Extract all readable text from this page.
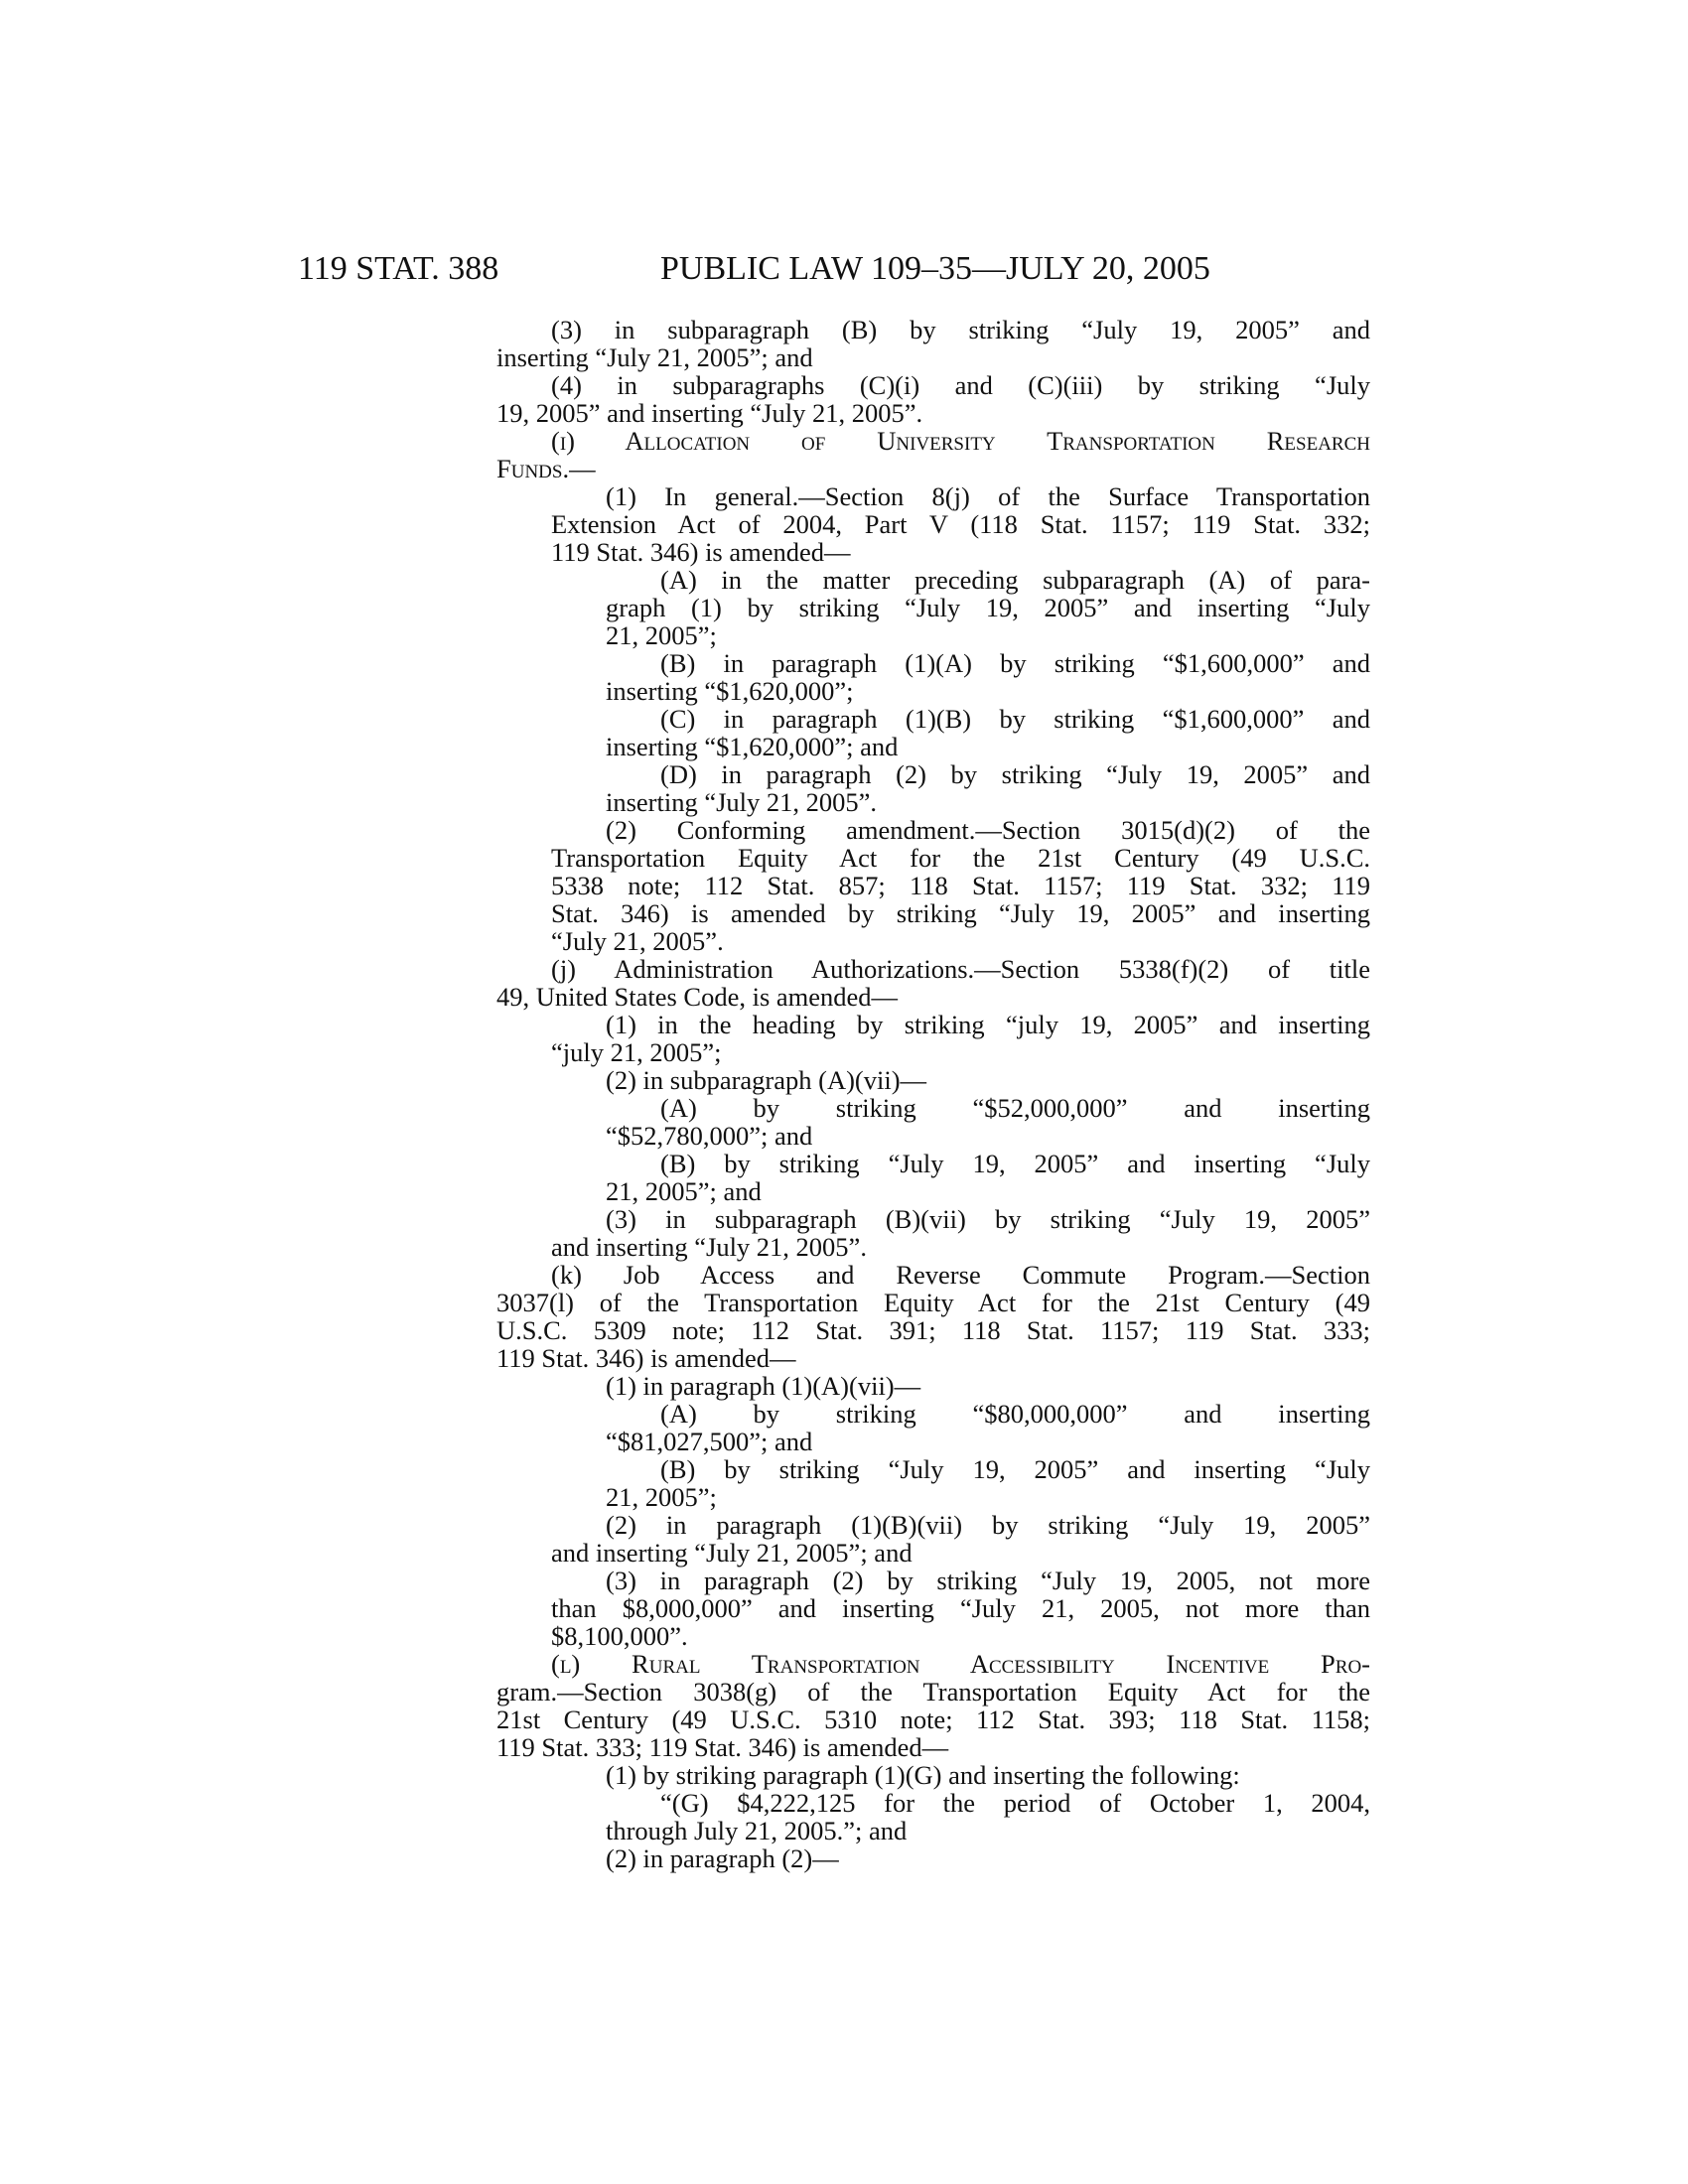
119 STAT. 388	PUBLIC LAW 109–35—JULY 20, 2005
(3) in subparagraph (B) by striking “July 19, 2005” and
inserting “July 21, 2005”; and
(4) in subparagraphs (C)(i) and (C)(iii) by striking “July
19, 2005” and inserting “July 21, 2005”.
(i) Allocation of University Transportation Research
Funds.—
(1) In general.—Section 8(j) of the Surface Transportation
Extension Act of 2004, Part V (118 Stat. 1157; 119 Stat. 332;
119 Stat. 346) is amended—
(A) in the matter preceding subparagraph (A) of para-
graph (1) by striking “July 19, 2005” and inserting “July
21, 2005”;
(B) in paragraph (1)(A) by striking “$1,600,000” and
inserting “$1,620,000”;
(C) in paragraph (1)(B) by striking “$1,600,000” and
inserting “$1,620,000”; and
(D) in paragraph (2) by striking “July 19, 2005” and
inserting “July 21, 2005”.
(2) Conforming amendment.—Section 3015(d)(2) of the
Transportation Equity Act for the 21st Century (49 U.S.C.
5338 note; 112 Stat. 857; 118 Stat. 1157; 119 Stat. 332; 119
Stat. 346) is amended by striking “July 19, 2005” and inserting
“July 21, 2005”.
(j) Administration Authorizations.—Section 5338(f)(2) of title
49, United States Code, is amended—
(1) in the heading by striking “july 19, 2005” and inserting
“july 21, 2005”;
(2) in subparagraph (A)(vii)—
(A) by striking “$52,000,000” and inserting
“$52,780,000”; and
(B) by striking “July 19, 2005” and inserting “July
21, 2005”; and
(3) in subparagraph (B)(vii) by striking “July 19, 2005”
and inserting “July 21, 2005”.
(k) Job Access and Reverse Commute Program.—Section
3037(l) of the Transportation Equity Act for the 21st Century (49
U.S.C. 5309 note; 112 Stat. 391; 118 Stat. 1157; 119 Stat. 333;
119 Stat. 346) is amended—
(1) in paragraph (1)(A)(vii)—
(A) by striking “$80,000,000” and inserting
“$81,027,500”; and
(B) by striking “July 19, 2005” and inserting “July
21, 2005”;
(2) in paragraph (1)(B)(vii) by striking “July 19, 2005”
and inserting “July 21, 2005”; and
(3) in paragraph (2) by striking “July 19, 2005, not more
than $8,000,000” and inserting “July 21, 2005, not more than
$8,100,000”.
(l) Rural Transportation Accessibility Incentive Pro-
gram.—Section 3038(g) of the Transportation Equity Act for the
21st Century (49 U.S.C. 5310 note; 112 Stat. 393; 118 Stat. 1158;
119 Stat. 333; 119 Stat. 346) is amended—
(1) by striking paragraph (1)(G) and inserting the following:
“(G) $4,222,125 for the period of October 1, 2004,
through July 21, 2005.”; and
(2) in paragraph (2)—
